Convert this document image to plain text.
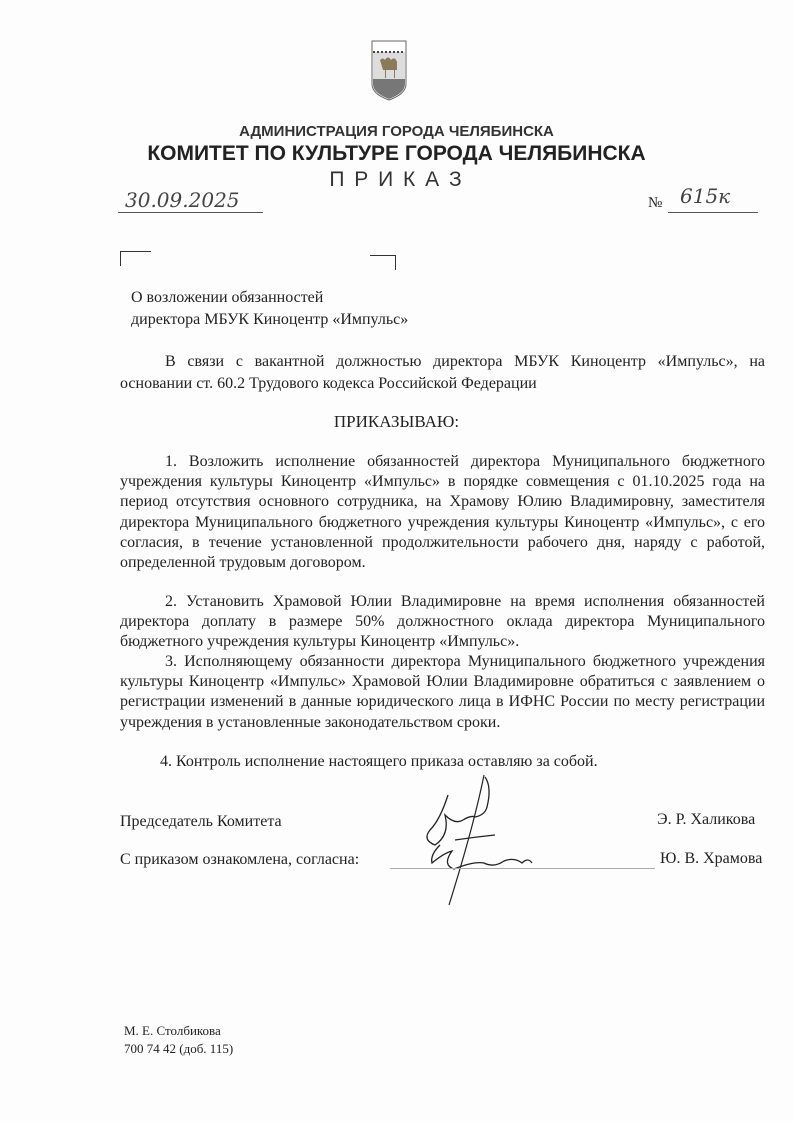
АДМИНИСТРАЦИЯ ГОРОДА ЧЕЛЯБИНСКА
КОМИТЕТ ПО КУЛЬТУРЕ ГОРОДА ЧЕЛЯБИНСКА
П Р И К А З
30.09.2025	№ 615к
О возложении обязанностей
директора МБУК Киноцентр «Импульс»
В связи с вакантной должностью директора МБУК Киноцентр «Импульс», на основании ст. 60.2 Трудового кодекса Российской Федерации
ПРИКАЗЫВАЮ:
1. Возложить исполнение обязанностей директора Муниципального бюджетного учреждения культуры Киноцентр «Импульс» в порядке совмещения с 01.10.2025 года на период отсутствия основного сотрудника, на Храмову Юлию Владимировну, заместителя директора Муниципального бюджетного учреждения культуры Киноцентр «Импульс», с его согласия, в течение установленной продолжительности рабочего дня, наряду с работой, определенной трудовым договором.
2. Установить Храмовой Юлии Владимировне на время исполнения обязанностей директора доплату в размере 50% должностного оклада директора Муниципального бюджетного учреждения культуры Киноцентр «Импульс».
3. Исполняющему обязанности директора Муниципального бюджетного учреждения культуры Киноцентр «Импульс» Храмовой Юлии Владимировне обратиться с заявлением о регистрации изменений в данные юридического лица в ИФНС России по месту регистрации учреждения в установленные законодательством сроки.
4. Контроль исполнение настоящего приказа оставляю за собой.
Председатель Комитета	Э. Р. Халикова
С приказом ознакомлена, согласна:	Ю. В. Храмова
М. Е. Столбикова
700 74 42 (доб. 115)
